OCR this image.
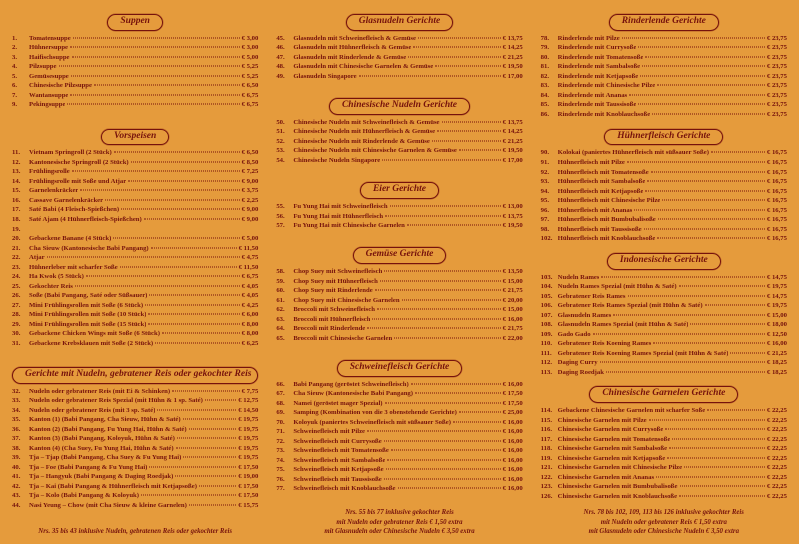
Suppen
1.	Tomatensuppe	€ 3,00
2.	Hühnersuppe	€ 3,00
3.	Haifischsuppe	€ 5,00
4.	Pilzsuppe	€ 5,25
5.	Gemüsesuppe	€ 5,25
6.	Chinesische Pilzsuppe	€ 6,50
7.	Wantansuppe	€ 6,75
9.	Pekingsuppe	€ 6,75
Vorspeisen
11.	Vietnam Springroll (2 Stück)	€ 6,50
12.	Kantonesische Springroll (2 Stück)	€ 8,50
13.	Frühlingsrolle	€ 7,25
14.	Frühlingsrolle mit Soße und Atjar	€ 9,00
15.	Garnelenkräcker	€ 3,75
16.	Cassave Garnelenkräcker	€ 2,25
17.	Saté Babi (4 Fleisch-Spießchen)	€ 9,00
18.	Saté Ajam (4 Hühnerfleisch-Spießchen)	€ 9,00
19.
20.	Gebackene Banane (4 Stück)	€ 5,00
21.	Cha Sieuw (Kantonesische Babi Pangang)	€ 11,50
22.	Atjar	€ 4,75
23.	Hühnerleber mit scharfer Soße	€ 11,50
24.	Ha Kwok (5 Stück)	€ 6,75
25.	Gekochter Reis	€ 4,05
26.	Soße (Babi Pangang, Saté oder Süßsauer)	€ 4,05
27.	Mini Frühlingsrollen mit Soße (6 Stück)	€ 4,25
28.	Mini Frühlingsrollen mit Soße (10 Stück)	€ 6,00
29.	Mini Frühlingsrollen mit Soße (15 Stück)	€ 8,00
30.	Gebackene Chicken Wings mit Soße (6 Stück)	€ 8,00
31.	Gebackene Krebsklauen mit Soße (2 Stück)	€ 6,25
Gerichte mit Nudeln, gebratener Reis oder gekochter Reis
32.	Nudeln oder gebratener Reis (mit Ei & Schinken)	€ 7,75
33.	Nudeln oder gebratener Reis Spezial (mit Hühn & 1 sp. Saté)	€ 12,75
34.	Nudeln oder gebratener Reis (mit 3 sp. Saté)	€ 14,50
35.	Kanton (1) (Babi Pangang, Cha Sieuw, Hühn & Saté)	€ 19,75
36.	Kanton (2) (Babi Pangang, Fu Yung Hai, Hühn & Saté)	€ 19,75
37.	Kanton (3) (Babi Pangang, Koloyuk, Hühn & Saté)	€ 19,75
38.	Kanton (4) (Cha Suey, Fu Yung Hai, Hühn & Saté)	€ 19,75
39.	Tja – Tjap (Babi Pangang, Cha Suey & Fu Yung Hai)	€ 19,75
40.	Tja – Foe (Babi Pangang & Fu Yung Hai)	€ 17,50
41.	Tja – Hangyuk (Babi Pangang & Daging Roedjak)	€ 19,00
42.	Tja – Kai (Babi Pangang & Hühnerfleisch mit Ketjapsoße)	€ 17,50
43.	Tja – Kolo (Babi Pangang & Koloyuk)	€ 17,50
44.	Nasi Yeung – Chow (mit Cha Sieuw & kleine Garnelen)	€ 15,75
Nrs. 35 bis 43 inklusive Nudeln, gebratenen Reis oder gekochter Reis
Glasnudeln Gerichte
45.	Glasnudeln mit Schweinefleisch & Gemüse	€ 13,75
46.	Glasnudeln mit Hühnerfleisch & Gemüse	€ 14,25
47.	Glasnudeln mit Rinderlende & Gemüse	€ 21,25
48.	Glasnudeln mit Chinesische Garnelen & Gemüse	€ 19,50
49.	Glasnudeln Singapore	€ 17,00
Chinesische Nudeln Gerichte
50.	Chinesische Nudeln mit Schweinefleisch & Gemüse	€ 13,75
51.	Chinesische Nudeln mit Hühnerfleisch & Gemüse	€ 14,25
52.	Chinesische Nudeln mit Rinderlende & Gemüse	€ 21,25
53.	Chinesische Nudeln mit Chinesische Garnelen & Gemüse	€ 19,50
54.	Chinesische Nudeln Singapore	€ 17,00
Eier Gerichte
55.	Fu Yung Hai mit Schweinefleisch	€ 13,00
56.	Fu Yung Hai mit Hühnerfleisch	€ 13,75
57.	Fu Yung Hai mit Chinesische Garnelen	€ 19,50
Gemüse Gerichte
58.	Chop Suey mit Schweinefleisch	€ 13,50
59.	Chop Suey mit Hühnerfleisch	€ 15,00
60.	Chop Suey mit Rinderlende	€ 21,75
61.	Chop Suey mit Chinesische Garnelen	€ 20,00
62.	Broccoli mit Schweinefleisch	€ 15,00
63.	Broccoli mit Hühnerfleisch	€ 16,00
64.	Broccoli mit Rinderlende	€ 21,75
65.	Broccoli mit Chinesische Garnelen	€ 22,00
Schweinefleisch Gerichte
66.	Babi Pangang (geröstet Schweinefleisch)	€ 16,00
67.	Cha Sieuw (Kantonesische Babi Pangang)	€ 17,50
68.	Namei (geröstet mager Spezial)	€ 17,50
69.	Samping (Kombination von die 3 obenstehende Gerichte)	€ 25,00
70.	Koloyuk (paniertes Schweinefleisch mit süßsauer Soße)	€ 16,00
71.	Schweinefleisch mit Pilze	€ 16,00
72.	Schweinefleisch mit Currysoße	€ 16,00
73.	Schweinefleisch mit Tomatensoße	€ 16,00
74.	Schweinefleisch mit Sambalsoße	€ 16,00
75.	Schweinefleisch mit Ketjapsoße	€ 16,00
76.	Schweinefleisch mit Taussisoße	€ 16,00
77.	Schweinefleisch mit Knoblauchsoße	€ 16,00
Nrs. 55 bis 77 inklusive gekochter Reis
mit Nudeln oder gebratener Reis € 1,50 extra
mit Glasnudeln oder Chinesische Nudeln € 3,50 extra
Rinderlende Gerichte
78.	Rinderlende mit Pilze	€ 23,75
79.	Rinderlende mit Currysoße	€ 23,75
80.	Rinderlende mit Tomatensoße	€ 23,75
81.	Rinderlende mit Sambalsoße	€ 23,75
82.	Rinderlende mit Ketjapsoße	€ 23,75
83.	Rinderlende mit Chinesische Pilze	€ 23,75
84.	Rinderlende mit Ananas	€ 23,75
85.	Rinderlende mit Taussisoße	€ 23,75
86.	Rinderlende mit Knoblauchsoße	€ 23,75
Hühnerfleisch Gerichte
90.	Kolokai (paniertes Hühnerfleisch mit süßsauer Soße)	€ 16,75
91.	Hühnerfleisch mit Pilze	€ 16,75
92.	Hühnerfleisch mit Tomatensoße	€ 16,75
93.	Hühnerfleisch mit Sambalsoße	€ 16,75
94.	Hühnerfleisch mit Ketjapsoße	€ 16,75
95.	Hühnerfleisch mit Chinesische Pilze	€ 16,75
96.	Hühnerfleisch mit Ananas	€ 16,75
97.	Hühnerfleisch mit Bumbubalisoße	€ 16,75
98.	Hühnerfleisch mit Taussisoße	€ 16,75
102. Hühnerfleisch mit Knoblauchsoße	€ 16,75
Indonesische Gerichte
103. Nudeln Rames	€ 14,75
104. Nudeln Rames Spezial (mit Hühn & Saté)	€ 19,75
105. Gebratener Reis Rames	€ 14,75
106. Gebratener Reis Rames Spezial (mit Hühn & Saté)	€ 19,75
107. Glasnudeln Rames	€ 15,00
108. Glasnudeln Rames Spezial (mit Hühn & Saté)	€ 18,00
109. Gado Gado	€ 12,50
110. Gebratener Reis Koening Rames	€ 16,00
111. Gebratener Reis Koening Rames Spezial (mit Hühn & Saté)	€ 21,25
112. Daging Curry	€ 18,25
113. Daging Roedjak	€ 18,25
Chinesische Garnelen Gerichte
114. Gebackene Chinesische Garnelen mit scharfer Soße	€ 22,25
115. Chinesische Garnelen mit Pilze	€ 22,25
116. Chinesische Garnelen mit Currysoße	€ 22,25
117. Chinesische Garnelen mit Tomatensoße	€ 22,25
118. Chinesische Garnelen mit Sambalsoße	€ 22,25
119. Chinesische Garnelen mit Ketjapsoße	€ 22,25
121. Chinesische Garnelen mit Chinesische Pilze	€ 22,25
122. Chinesische Garnelen mit Ananas	€ 22,25
123. Chinesische Garnelen mit Bumbubalisoße	€ 22,25
126. Chinesische Garnelen mit Knoblauchsoße	€ 22,25
Nrs. 78 bis 102, 109, 113 bis 126 inklusive gekochter Reis
mit Nudeln oder gebratener Reis € 1,50 extra
mit Glasnudeln oder Chinesische Nudeln € 3,50 extra
